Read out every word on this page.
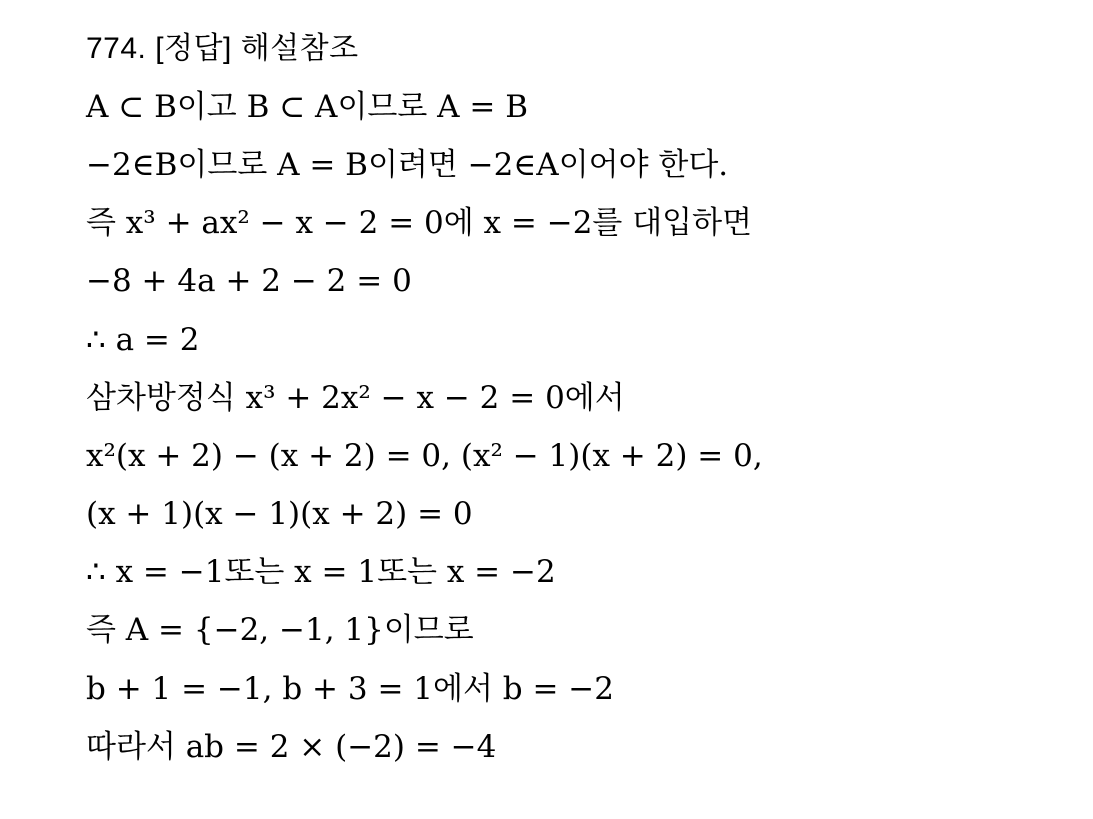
774. [정답] 해설참조
A ⊂ B이고 B ⊂ A이므로 A = B
−2∈B이므로 A = B이려면 −2∈A이어야 한다.
즉 x³ + ax² − x − 2 = 0에 x = −2를 대입하면
−8 + 4a + 2 − 2 = 0
∴ a = 2
삼차방정식 x³ + 2x² − x − 2 = 0에서
x²(x + 2) − (x + 2) = 0, (x² − 1)(x + 2) = 0,
(x + 1)(x − 1)(x + 2) = 0
∴ x = −1또는 x = 1또는 x = −2
즉 A = {−2, −1, 1}이므로
b + 1 = −1, b + 3 = 1에서 b = −2
따라서 ab = 2 × (−2) = −4
